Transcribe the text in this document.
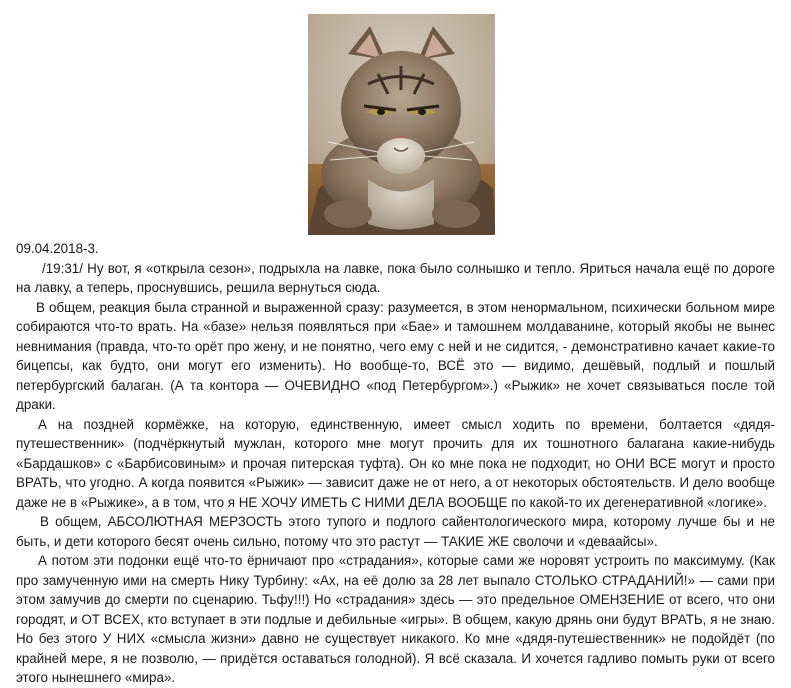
09.04.2018-3.

/19:31/ Ну вот, я «открыла сезон», подрыхла на лавке, пока было солнышко и тепло. Яриться начала ещё по дороге на лавку, а теперь, проснувшись, решила вернуться сюда.

В общем, реакция была странной и выраженной сразу: разумеется, в этом ненормальном, психически больном мире собираются что-то врать. На «базе» нельзя появляться при «Бае» и тамошнем молдаванине, который якобы не вынес невнимания (правда, что-то орёт про жену, и не понятно, чего ему с ней и не сидится, - демонстративно качает какие-то бицепсы, как будто, они могут его изменить). Но вообще-то, ВСЁ это — видимо, дешёвый, подлый и пошлый петербургский балаган. (А та контора — ОЧЕВИДНО «под Петербургом».) «Рыжик» не хочет связываться после той драки.

А на поздней кормёжке, на которую, единственную, имеет смысл ходить по времени, болтается «дядя-путешественник» (подчёркнутый мужлан, которого мне могут прочить для их тошнотного балагана какие-нибудь «Бардашков» с «Барбисовиным» и прочая питерская туфта). Он ко мне пока не подходит, но ОНИ ВСЕ могут и просто ВРАТЬ, что угодно. А когда появится «Рыжик» — зависит даже не от него, а от некоторых обстоятельств. И дело вообще даже не в «Рыжике», а в том, что я НЕ ХОЧУ ИМЕТЬ С НИМИ ДЕЛА ВООБЩЕ по какой-то их дегенеративной «логике».

В общем, АБСОЛЮТНАЯ МЕРЗОСТЬ этого тупого и подлого сайентологического мира, которому лучше бы и не быть, и дети которого бесят очень сильно, потому что это растут — ТАКИЕ ЖЕ сволочи и «деваайсы».

А потом эти подонки ещё что-то ёрничают про «страдания», которые сами же норовят устроить по максимуму. (Как про замученную ими на смерть Нику Турбину: «Ах, на её долю за 28 лет выпало СТОЛЬКО СТРАДАНИЙ!» — сами при этом замучив до смерти по сценарию. Тьфу!!!) Но «страдания» здесь — это предельное ОМЕНЗЕНИЕ от всего, что они городят, и ОТ ВСЕХ, кто вступает в эти подлые и дебильные «игры». В общем, какую дрянь они будут ВРАТЬ, я не знаю. Но без этого У НИХ «смысла жизни» давно не существует никакого. Ко мне «дядя-путешественник» не подойдёт (по крайней мере, я не позволю, — придётся оставаться голодной). Я всё сказала. И хочется гадливо помыть руки от всего этого нынешнего «мира».
